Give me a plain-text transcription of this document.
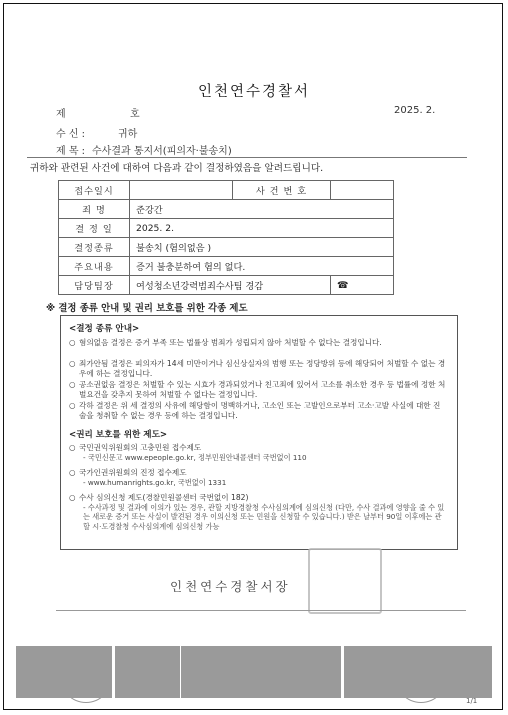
인천연수경찰서
제	호	2025. 2.
수 신 :	귀하
제 목 : 수사결과 통지서(피의자·불송치)
귀하와 관련된 사건에 대하여 다음과 같이 결정하였음을 알려드립니다.
접수일시		사 건 번 호	
죄 명	준강간		
결 정 일	2025. 2.		
결정종류	불송치 (혐의없음 )		
주요내용	증거 불충분하여 혐의 없다.		
담당팀장	여성청소년강력범죄수사팀 경감		☎
※ 결정 종류 안내 및 권리 보호를 위한 각종 제도
<결정 종류 안내>
○ 혐의없음 결정은 증거 부족 또는 법률상 범죄가 성립되지 않아 처벌할 수 없다는 결정입니다.
○ 죄가안됨 결정은 피의자가 14세 미만이거나 심신상실자의 범행 또는 정당방위 등에 해당되어 처벌할 수 없는 경우에 하는 결정입니다.
○ 공소권없음 결정은 처벌할 수 있는 시효가 경과되었거나 친고죄에 있어서 고소를 취소한 경우 등 법률에 정한 처벌요건을 갖추지 못하여 처벌할 수 없다는 결정입니다.
○ 각하 결정은 위 세 결정의 사유에 해당함이 명백하거나, 고소인 또는 고발인으로부터 고소·고발 사실에 대한 진술을 청취할 수 없는 경우 등에 하는 결정입니다.
<권리 보호를 위한 제도>
○ 국민권익위원회의 고충민원 접수제도
- 국민신문고 www.epeople.go.kr, 정부민원안내콜센터 국번없이 110
○ 국가인권위원회의 진정 접수제도
- www.humanrights.go.kr, 국번없이 1331
○ 수사 심의신청 제도(경찰민원콜센터 국번없이 182)
- 수사과정 및 결과에 이의가 있는 경우, 관할 지방경찰청 수사심의계에 심의신청 (다만, 수사 결과에 영향을 줄 수 있는 새로운 증거 또는 사실이 발견된 경우 이의신청 또는 민원을 신청할 수 있습니다.) 받은 날부터 90일 이후에는 관할 시·도경찰청 수사심의계에 심의신청 가능
인천연수경찰서장
1/1
